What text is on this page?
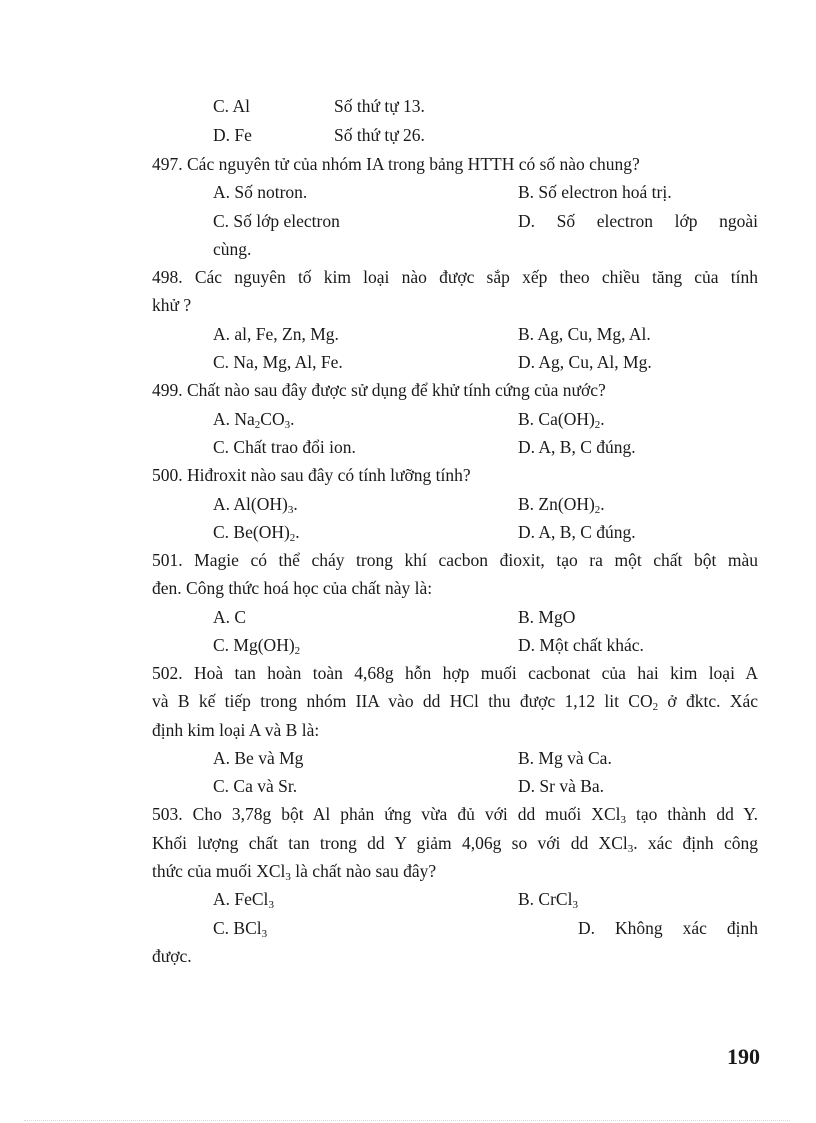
C. Al	Số thứ tự 13.
D. Fe	Số thứ tự 26.
497. Các nguyên tử của nhóm IA trong bảng HTTH có số nào chung?
A. Số notron.	B. Số electron hoá trị.
C. Số lớp electron	D. Số electron lớp ngoài
cùng.
498. Các nguyên tố kim loại nào được sắp xếp theo chiều tăng của tính
khử ?
A. al, Fe, Zn, Mg.	B. Ag, Cu, Mg, Al.
C. Na, Mg, Al, Fe.	D. Ag, Cu, Al, Mg.
499. Chất nào sau đây được sử dụng để khử tính cứng của nước?
A. $Na_2CO_3$.	B. $Ca(OH)_2$.
C. Chất trao đổi ion.	D. A, B, C đúng.
500. Hiđroxit nào sau đây có tính lưỡng tính?
A. $Al(OH)_3$.	B. $Zn(OH)_2$.
C. $Be(OH)_2$.	D. A, B, C đúng.
501. Magie có thể cháy trong khí cacbon đioxit, tạo ra một chất bột màu
đen. Công thức hoá học của chất này là:
A. C	B. MgO
C. $Mg(OH)_2$	D. Một chất khác.
502. Hoà tan hoàn toàn 4,68g hỗn hợp muối cacbonat của hai kim loại A
và B kế tiếp trong nhóm IIA vào dd HCl thu được 1,12 lit $CO_2$ ở đktc. Xác
định kim loại A và B là:
A. Be và Mg	B. Mg và Ca.
C. Ca và Sr.	D. Sr và Ba.
503. Cho 3,78g bột Al phản ứng vừa đủ với dd muối XCl$_3$ tạo thành dd Y.
Khối lượng chất tan trong dd Y giảm 4,06g so với dd XCl$_3$. xác định công
thức của muối XCl$_3$ là chất nào sau đây?
A. FeCl$_3$	B. CrCl$_3$
C. BCl$_3$	D. Không xác định
được.
190
